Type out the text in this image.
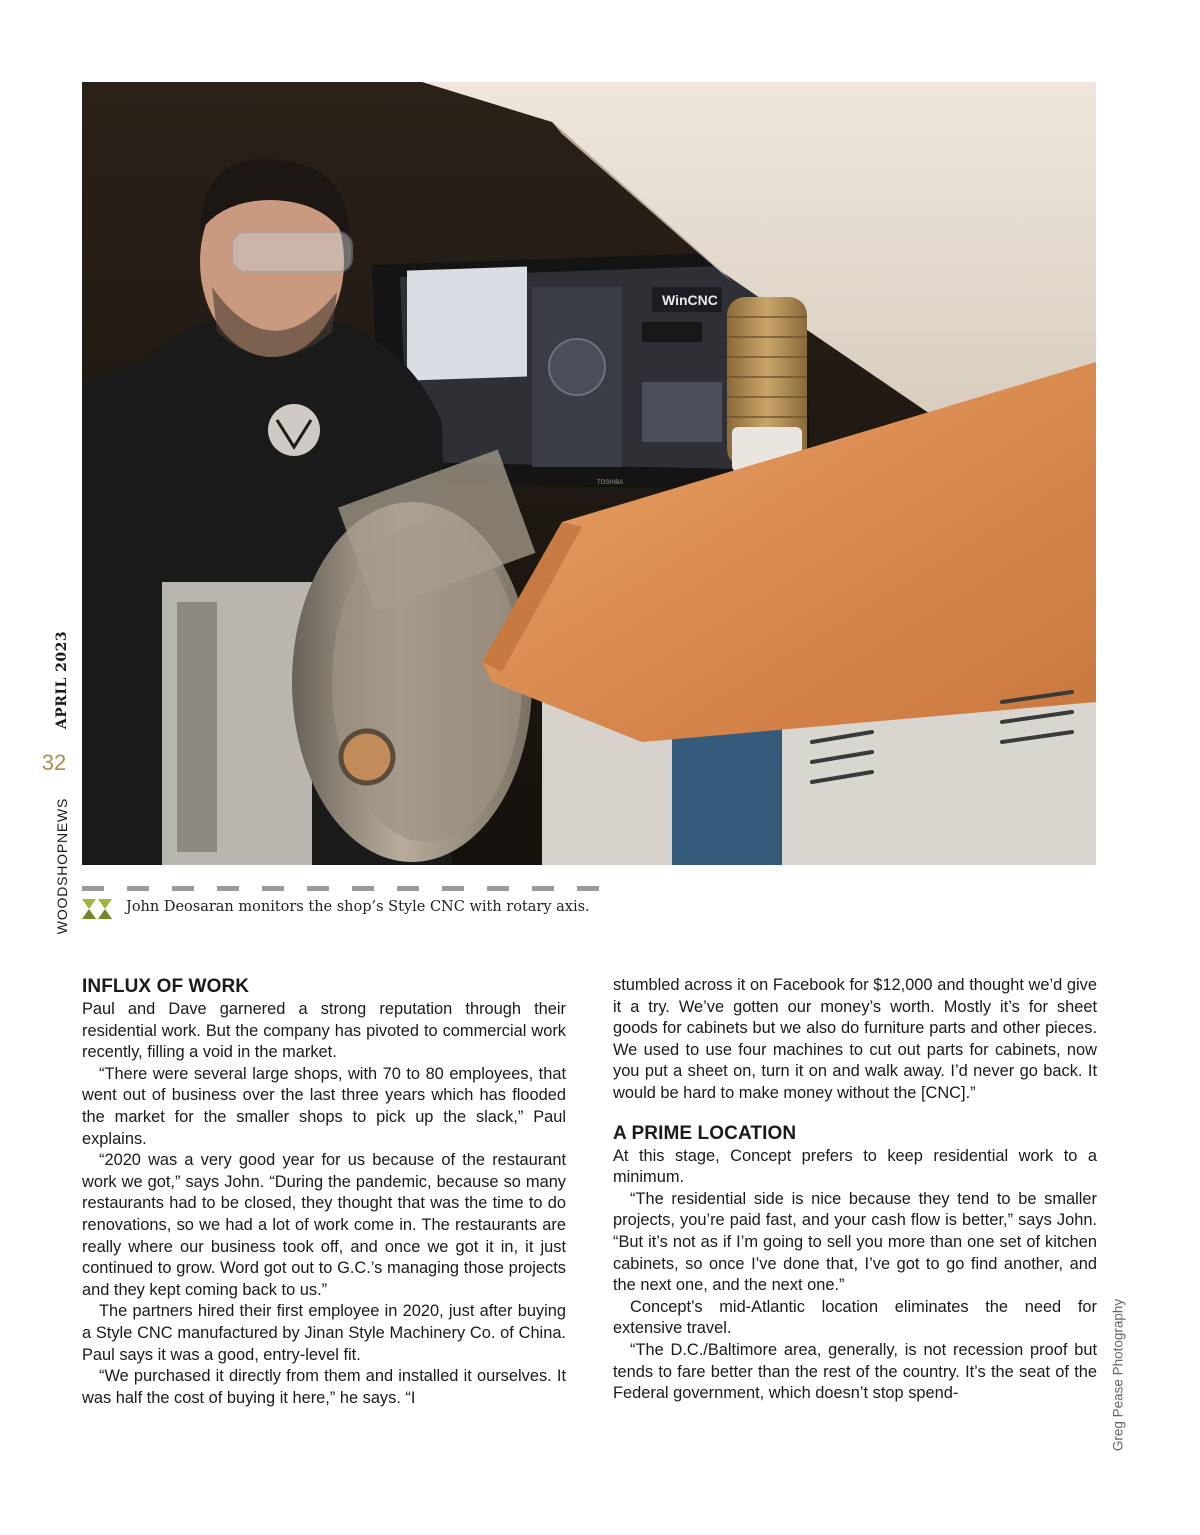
WinCNC
TOSHIBA
John Deosaran monitors the shop’s Style CNC with rotary axis.
APRIL 2023
32
WOODSHOPNEWS
Greg Pease Photography
INFLUX OF WORK

Paul and Dave garnered a strong reputation through their residential work. But the company has pivoted to commercial work recently, filling a void in the market.

“There were several large shops, with 70 to 80 employees, that went out of business over the last three years which has flooded the market for the smaller shops to pick up the slack,” Paul explains.

“2020 was a very good year for us because of the restaurant work we got,” says John. “During the pandemic, because so many restaurants had to be closed, they thought that was the time to do renovations, so we had a lot of work come in. The restaurants are really where our business took off, and once we got it in, it just continued to grow. Word got out to G.C.’s managing those projects and they kept coming back to us.”

The partners hired their first employee in 2020, just after buying a Style CNC manufactured by Jinan Style Machinery Co. of China. Paul says it was a good, entry-level fit.

“We purchased it directly from them and installed it ourselves. It was half the cost of buying it here,” he says. “I

stumbled across it on Facebook for $12,000 and thought we’d give it a try. We’ve gotten our money’s worth. Mostly it’s for sheet goods for cabinets but we also do furniture parts and other pieces. We used to use four machines to cut out parts for cabinets, now you put a sheet on, turn it on and walk away. I’d never go back. It would be hard to make money without the [CNC].”

A PRIME LOCATION

At this stage, Concept prefers to keep residential work to a minimum.

“The residential side is nice because they tend to be smaller projects, you’re paid fast, and your cash flow is better,” says John. “But it’s not as if I’m going to sell you more than one set of kitchen cabinets, so once I’ve done that, I’ve got to go find another, and the next one, and the next one.”

Concept’s mid-Atlantic location eliminates the need for extensive travel.

“The D.C./Baltimore area, generally, is not recession proof but tends to fare better than the rest of the country. It’s the seat of the Federal government, which doesn’t stop spend-
